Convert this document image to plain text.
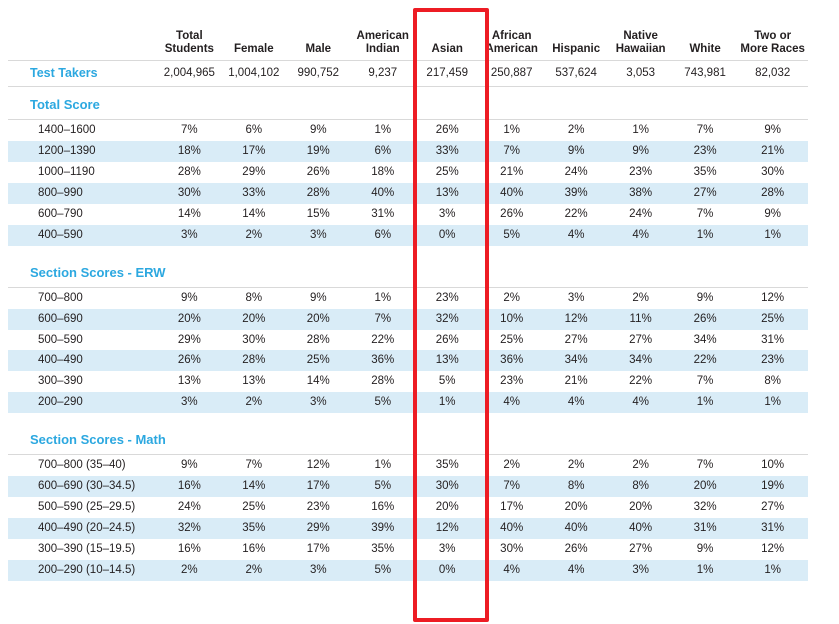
	Total Students	Female	Male	American Indian	Asian	African American	Hispanic	Native Hawaiian	White	Two or More Races
Test Takers	2,004,965	1,004,102	990,752	9,237	217,459	250,887	537,624	3,053	743,981	82,032
Total Score										

1400–1600	7%	6%	9%	1%	26%	1%	2%	1%	7%	9%
1200–1390	18%	17%	19%	6%	33%	7%	9%	9%	23%	21%
1000–1190	28%	29%	26%	18%	25%	21%	24%	23%	35%	30%
800–990	30%	33%	28%	40%	13%	40%	39%	38%	27%	28%
600–790	14%	14%	15%	31%	3%	26%	22%	24%	7%	9%
400–590	3%	2%	3%	6%	0%	5%	4%	4%	1%	1%

Section Scores - ERW										

700–800	9%	8%	9%	1%	23%	2%	3%	2%	9%	12%
600–690	20%	20%	20%	7%	32%	10%	12%	11%	26%	25%
500–590	29%	30%	28%	22%	26%	25%	27%	27%	34%	31%
400–490	26%	28%	25%	36%	13%	36%	34%	34%	22%	23%
300–390	13%	13%	14%	28%	5%	23%	21%	22%	7%	8%
200–290	3%	2%	3%	5%	1%	4%	4%	4%	1%	1%

Section Scores - Math										

700–800 (35–40)	9%	7%	12%	1%	35%	2%	2%	2%	7%	10%
600–690 (30–34.5)	16%	14%	17%	5%	30%	7%	8%	8%	20%	19%
500–590 (25–29.5)	24%	25%	23%	16%	20%	17%	20%	20%	32%	27%
400–490 (20–24.5)	32%	35%	29%	39%	12%	40%	40%	40%	31%	31%
300–390 (15–19.5)	16%	16%	17%	35%	3%	30%	26%	27%	9%	12%
200–290 (10–14.5)	2%	2%	3%	5%	0%	4%	4%	3%	1%	1%
